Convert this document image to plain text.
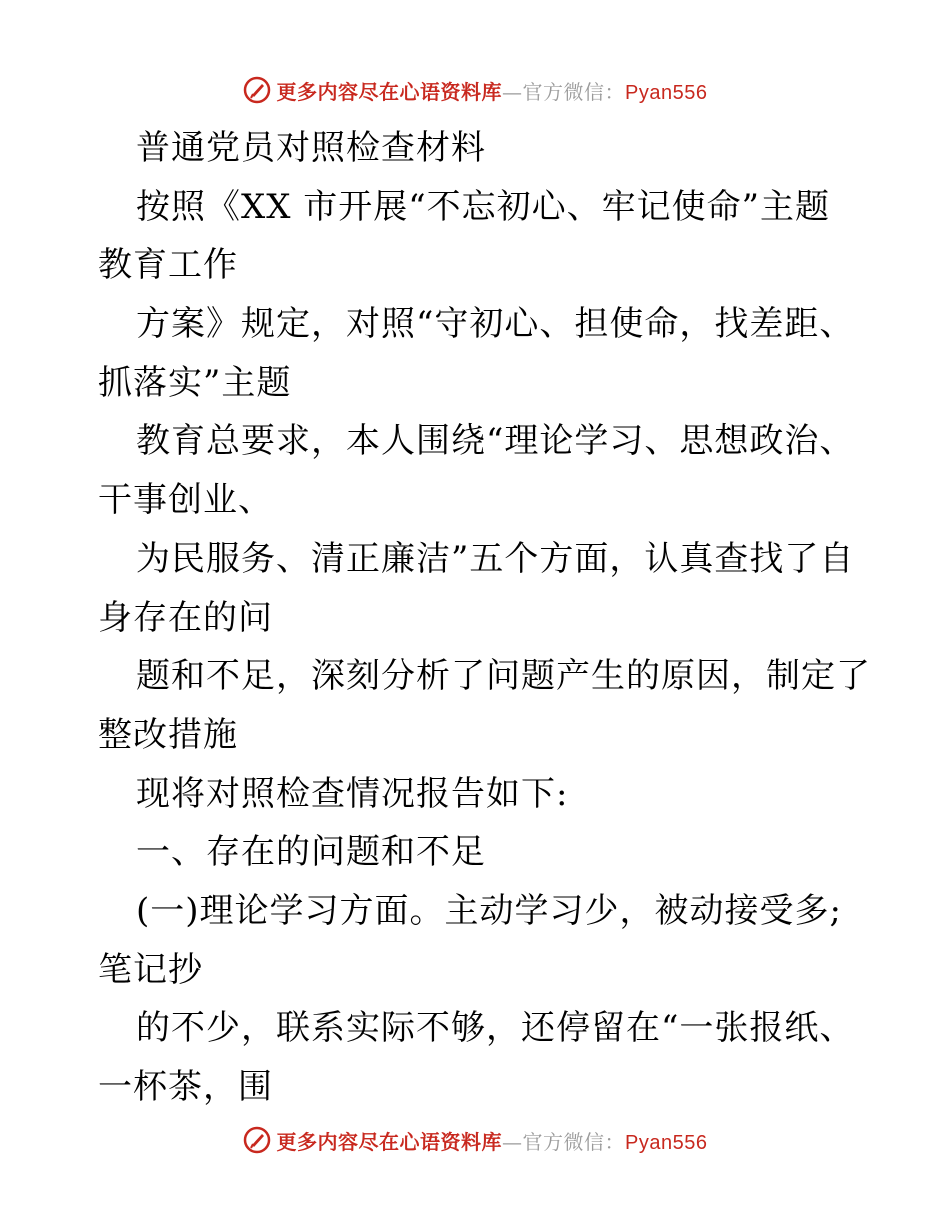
更多内容尽在心语资料库—官方微信：Pyan556
普通党员对照检查材料
按照《XX 市开展“不忘初心、牢记使命”主题
教育工作
方案》规定，对照“守初心、担使命，找差距、
抓落实”主题
教育总要求，本人围绕“理论学习、思想政治、
干事创业、
为民服务、清正廉洁”五个方面，认真查找了自
身存在的问
题和不足，深刻分析了问题产生的原因，制定了
整改措施
现将对照检查情况报告如下:
一、存在的问题和不足
(一)理论学习方面。主动学习少，被动接受多;
笔记抄
的不少，联系实际不够，还停留在“一张报纸、
一杯茶，围
更多内容尽在心语资料库—官方微信：Pyan556
